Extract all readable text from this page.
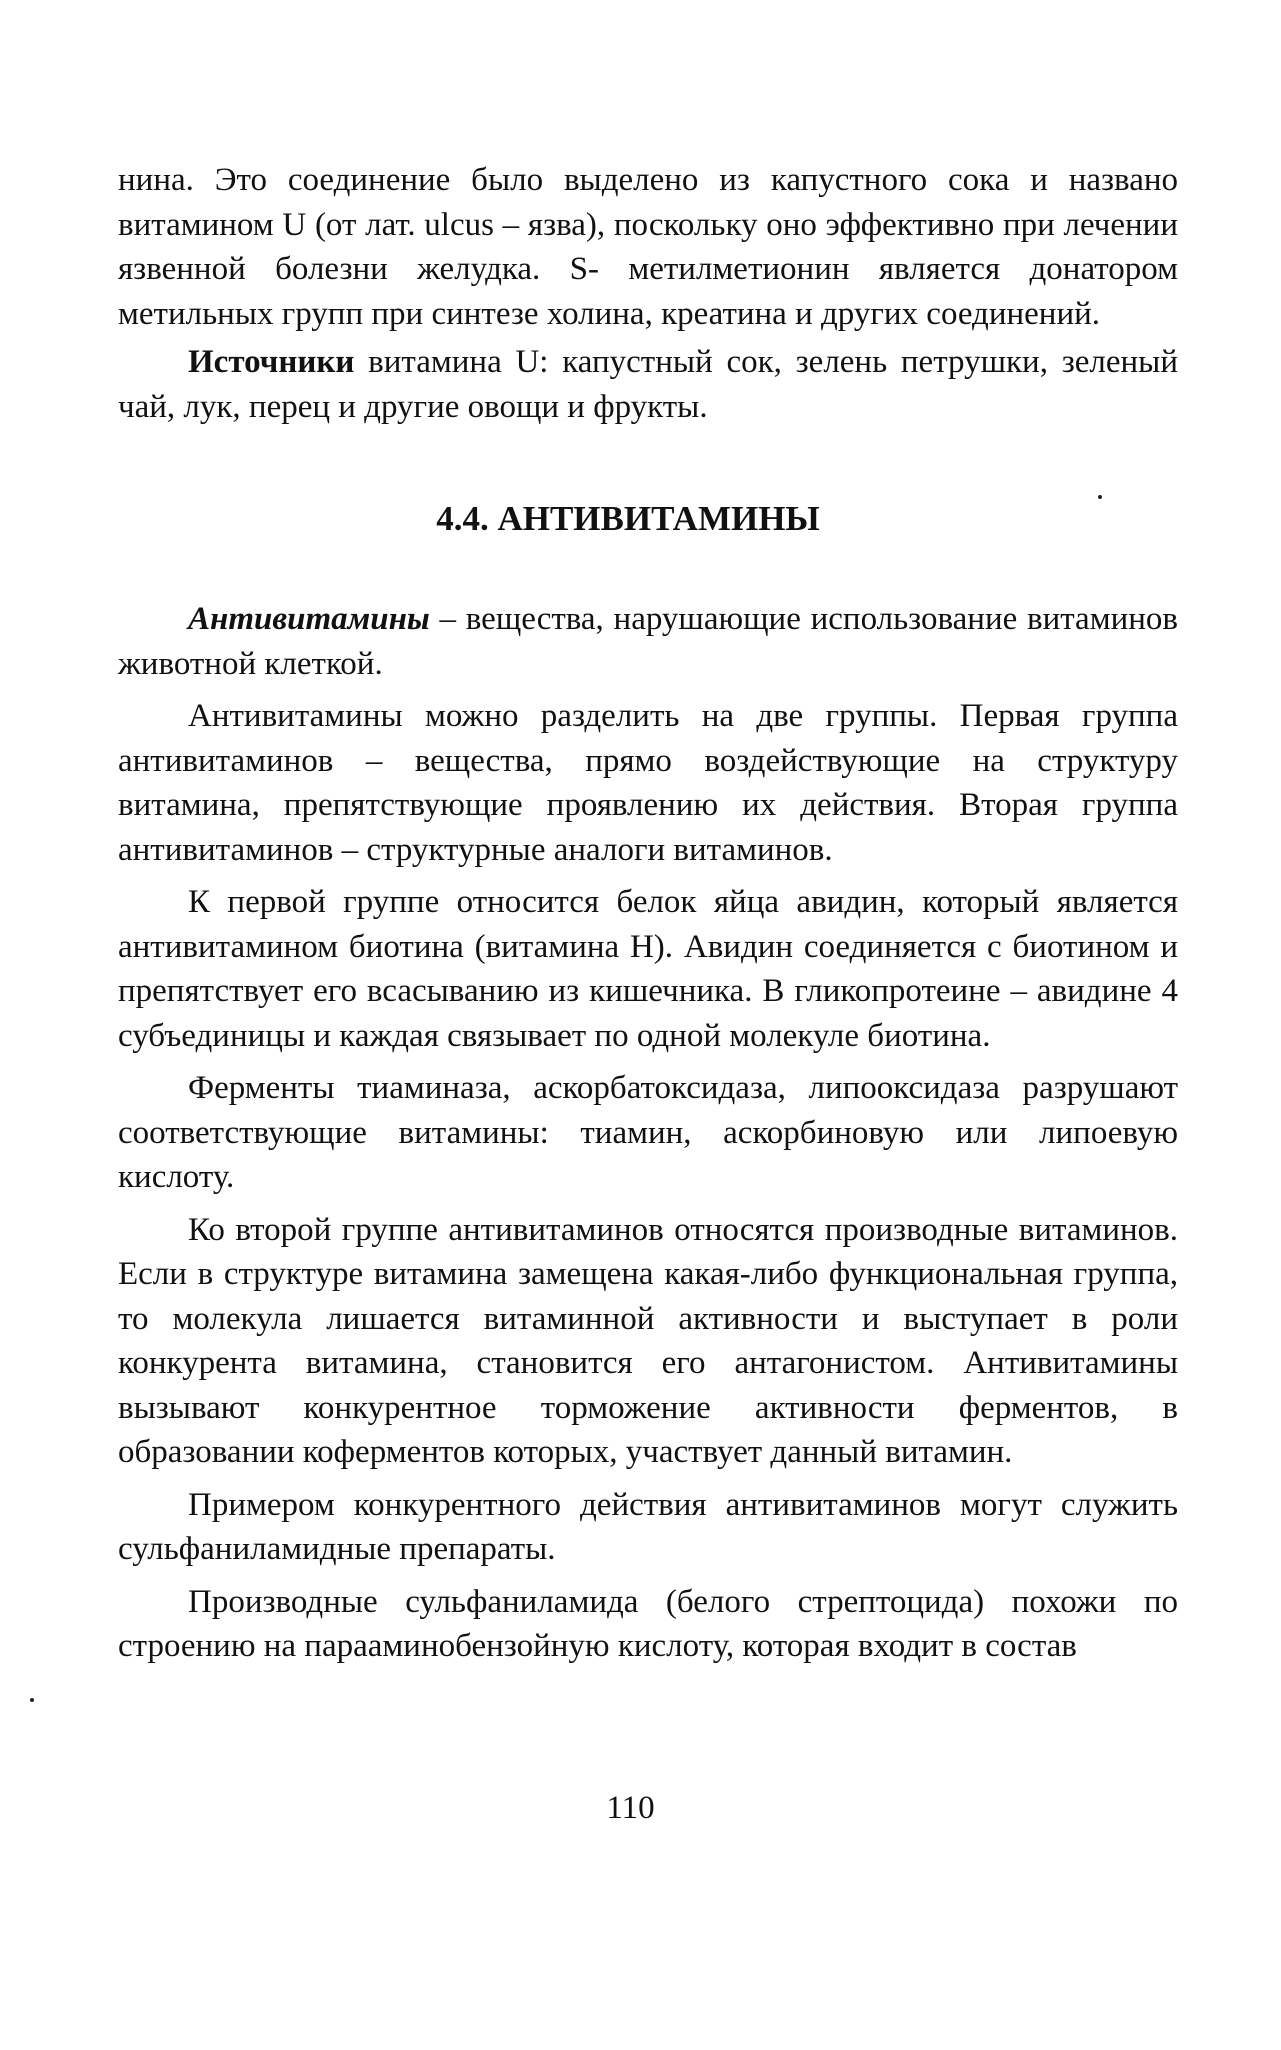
нина. Это соединение было выделено из капустного сока и названо витамином U (от лат. ulcus – язва), поскольку оно эффективно при лечении язвенной болезни желудка. S- метилметионин является донатором метильных групп при синтезе холина, креатина и других соединений.

Источники витамина U: капустный сок, зелень петрушки, зеленый чай, лук, перец и другие овощи и фрукты.

4.4. АНТИВИТАМИНЫ

Антивитамины – вещества, нарушающие использование витаминов животной клеткой.

Антивитамины можно разделить на две группы. Первая группа антивитаминов – вещества, прямо воздействующие на структуру витамина, препятствующие проявлению их действия. Вторая группа антивитаминов – структурные аналоги витаминов.

К первой группе относится белок яйца авидин, который является антивитамином биотина (витамина H). Авидин соединяется с биотином и препятствует его всасыванию из кишечника. В гликопротеине – авидине 4 субъединицы и каждая связывает по одной молекуле биотина.

Ферменты тиаминаза, аскорбатоксидаза, липооксидаза разрушают соответствующие витамины: тиамин, аскорбиновую или липоевую кислоту.

Ко второй группе антивитаминов относятся производные витаминов. Если в структуре витамина замещена какая-либо функциональная группа, то молекула лишается витаминной активности и выступает в роли конкурента витамина, становится его антагонистом. Антивитамины вызывают конкурентное торможение активности ферментов, в образовании коферментов которых, участвует данный витамин.

Примером конкурентного действия антивитаминов могут служить сульфаниламидные препараты.

Производные сульфаниламида (белого стрептоцида) похожи по строению на парааминобензойную кислоту, которая входит в состав

110
